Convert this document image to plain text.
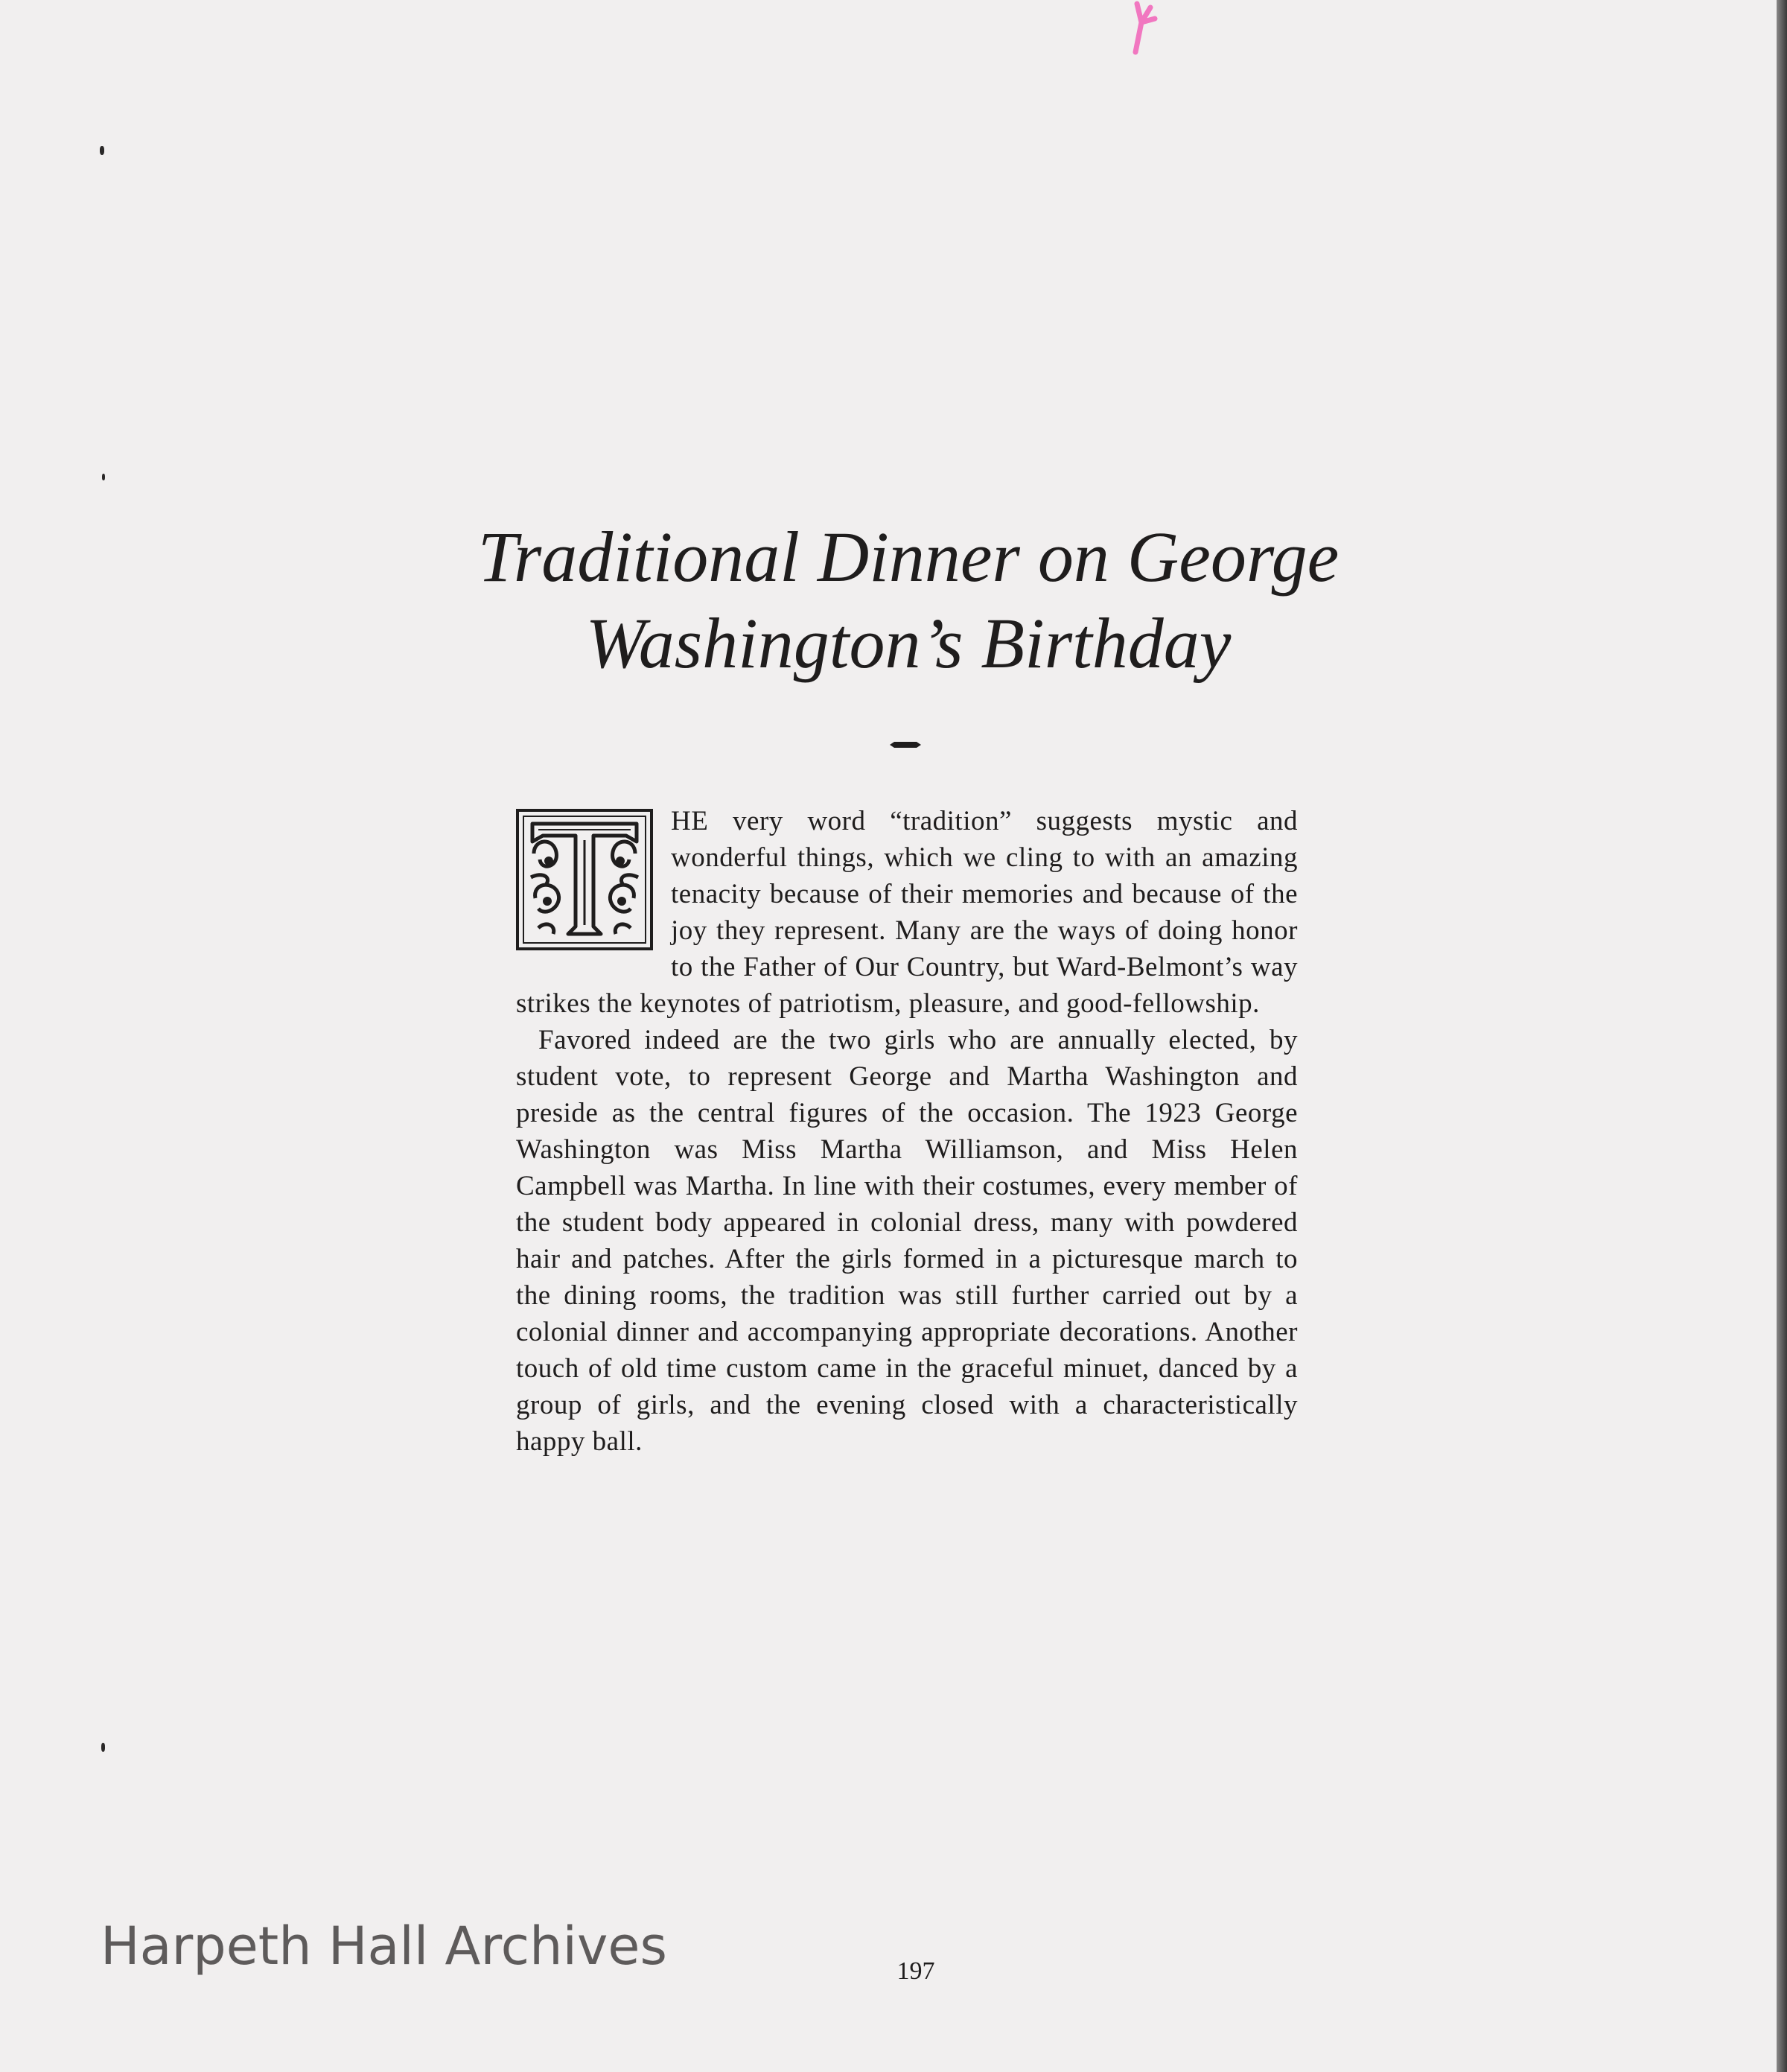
Traditional Dinner on George
Washington’s Birthday

HE very word “tradition” suggests mystic and wonderful things, which we cling to with an amazing tenacity because of their memories and because of the joy they represent. Many are the ways of doing honor to the Father of Our Country, but Ward-Belmont’s way strikes the keynotes of patriotism, pleasure, and good-fellowship.

Favored indeed are the two girls who are annually elected, by student vote, to represent George and Martha Washington and preside as the central figures of the occasion. The 1923 George Washington was Miss Martha Williamson, and Miss Helen Campbell was Martha. In line with their costumes, every member of the student body appeared in colonial dress, many with powdered hair and patches. After the girls formed in a picturesque march to the dining rooms, the tradition was still further carried out by a colonial dinner and accompanying appropriate decorations. Another touch of old time custom came in the graceful minuet, danced by a group of girls, and the evening closed with a characteristically happy ball.

Harpeth Hall Archives	197
